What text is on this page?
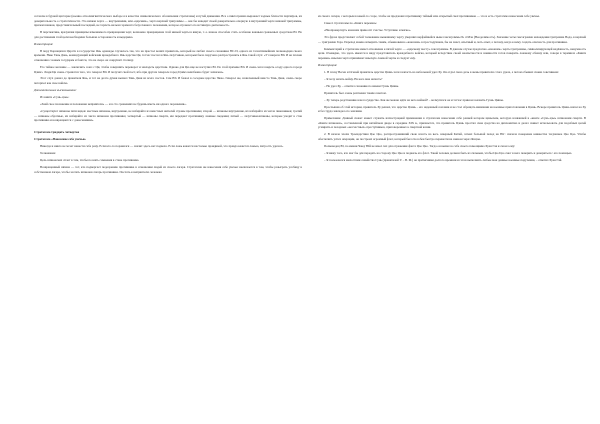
согласие в бурной цистерне (военно-этнолингвистического выборе я в качестве символического обозначения стратегемы) и путей движения. Все о пиктограмма выражает чадные близости партнёров, их доверительность о стратегичности. Это низкая черта — внутренними, или «царским», черта верхней триграммы — как бы наводит своей доверительно опорную в внутренний черте нижней триграммы, причем шанкан, представительный последней, не терпеть нельзя горизонта безусловного положения, которое отражает его истинную деятельность.

В перспективе, вразумляя принципы изменяемого превращения черт, возможно превращение этой низкой черты в явную, т. е. шанок способен стать особенно важным сражаемых средством Ю. Но для достижения этой цели необходима большая осторожность и выдержка.

Иллюстрация:

В пору Борющихся Царств в государстве Янь однажды случилось так, что на престол вошёл правитель, который не любил своего сановника Юэ И, одного из талантливейших полководцев своего времени. Неко Тянь Дань, командующий войсками враждебного Янь царства Ци, тотчас послал в Янь лазутчиков, которым было поручено распространить в Янь такой слух: «У генерала Юэ И не плохие отношения с новым государем и боится, что не скоро он сокрушит столицу.

Его тайное желание — заключить союз с Ци, чтобы совершить переворот и завладеть царством. Однако для Ци еще не наступил Ю. По этой причине Юэ И очень хотел видеть осаду одного города Цзимэ. Люди Ци очень страшатся того, что генерал Юэ И получит свой пост, ибо при другом генерале город Цзимэ неизбежно будет захвачен».

Этот слух дошел до правителя Янь, и тот не долго думая вызвал Тянь Даня из всего постов. Сам Юэ И бежал в соседнее царство Чжао. Генерал же, назначенный вместо Тянь Даня, очень скоро потерпел как свое войско.

Дополнительные высказывания:

Из книги «Сунь-цзы»:

«Знай свое положение и положение неприятеля» — и в сто сражениях не будешь иметь ни одного поражения».

«Существуют шпионы пяти видов: местные шпионы, внутренние, не набирайте из вместных жителей страны противника; второй — шпионы внутренние, их набирайте из числа чиновников; третий — шпионы обратные, их набирайте из числа шпионов противника; четвертый — шпионы смерти, им передают противнику ложные сведения; пятый — лазутчики-шпионы, которые уходят в стан противника и возвращаются с донесениями».

Стратагема тридцать четвертая

Стратагема «Нанесение себе увечья»

Никогда и никто не хочет нанести себе рану. Если кто-то поранился — значит здесь нет подвоха. Если ложь кажется настолько правдивой, что правда кажется ложью, хитрость удалась.

Толкование:

Цель шпионских сплет в том, чтобы посеять сомнения в стане противника.

Возвращенный шпион — тот, кто подвергает подозрению противника в отношении людей из своего лагеря. Стратагема же нанесения себе увечья заключается в том, чтобы разыграть усобицу в собственном лагере, чтобы заслать шпионов лагерь противника. Послать к неприятелю человека

из своего лагеря, с которым в какой-то ссоре, чтобы он предложил противнику тайный или открытый своё противников — это и есть стратагема нанесения себе увечья.

Смысл стратагемы по «Книге перемен»:

«Неопровергнуть юношам приносят счастье. Уступчиво и мягко».

Эта фраза представляет собой толкование нынешнему черту умерших верфейшейся ныне гексаграммы № 4 Мэн (Неодолимость). Значение четы гексаграмма нахождения триграмма Вода, в верхней — триграмма Гора. Переход можно измерить таким, обыкновенно «юношам» в простодушном, бы не знает, опытный и, хоть опыт, а потому, когда к нему создать опасность для противника.

Комментарий к стратагеме имеет отношение к пятой черте — «царскому месту» гексаграммы. В данном случае предлагаю «юношам» черты триграммы, символизирующей надёжность, ненужность цели. Очевидно, что здесь имеется в виду представитель враждебного войска, который вследствие своей неопытности и наивности готов поверить ложному обману или, говоря в терминах «Книги перемен» иньская черта принимает иньскую ложной черты и следует ему.

Иллюстрация:

1. В эпоху Весен и Осеней правитель царства Цзянь хотел напасть на небольшой удел Ху. Он отдал свою дочь в жены правителю этого удела, а потом объявил своим советникам:

– Я хочу начать войну. На кого мне напасть?

– На удел Ху, – ответил сановник по имени Гуань Цишы.

Правитель был очень разгневан таким советом.

– Ху теперь родственник нам государство. Как же можно идти на него войной? – возмутился он и тотчас приказал казнить Гуань Цишы.

Прослышав об этой истории, правитель Ху решил, что царство Цзянь – его надежный союзник и не стал обращать внимания на военные приготовления в Цзянь. Вскоре правитель Цзянь напал на Ху и без труда завладел его землями.

Примечание: Данный сюжет может служить иллюстрацией применения в стратегеме нанесения себе ранней котором циньском, которую назвавшей в «книге «Сунь-цзы» шпионами смерти. В «Книге шпионов», составленной при китайском дворе в середине XIX в., признается, что правитель Цзянь простил свои средства на дипломатию и делал скинет использовать для подобных целей усмирить и позорных «несчастных» преступников, приговоренных к смертной казни.

2. В начале эпохи Троецарствия Цао Цао, распространивший свою власть на весь северный Китай, затеял большой поход на Юг: сначала покорение княжества тогдашнее Цао Цао. Чтобы обеспечить успех операции, он построил огромный флот, который был способен быстро перевезти на южном через Янцзы.

Полководец Ю, по имени Чжоу Юй не имел сил для отражения флота Цао Цао. Тогда он вызвал к себе своего помощника Хуан Гая и сказал ему:

– Я вижу того, кто мог бы для передать на сторону Цао Цао и поджечь его флот. Такой человек должен быть из сильным, чтобы Цао Цао смог в него поверить и довериться с его помощью.

– Я пользовался милостями семейства Сунь (правителей У. – В. М.) не притиснями долгого времени и готов выполнить любые мои данные военные поручения, – ответил Хуан Гай.
